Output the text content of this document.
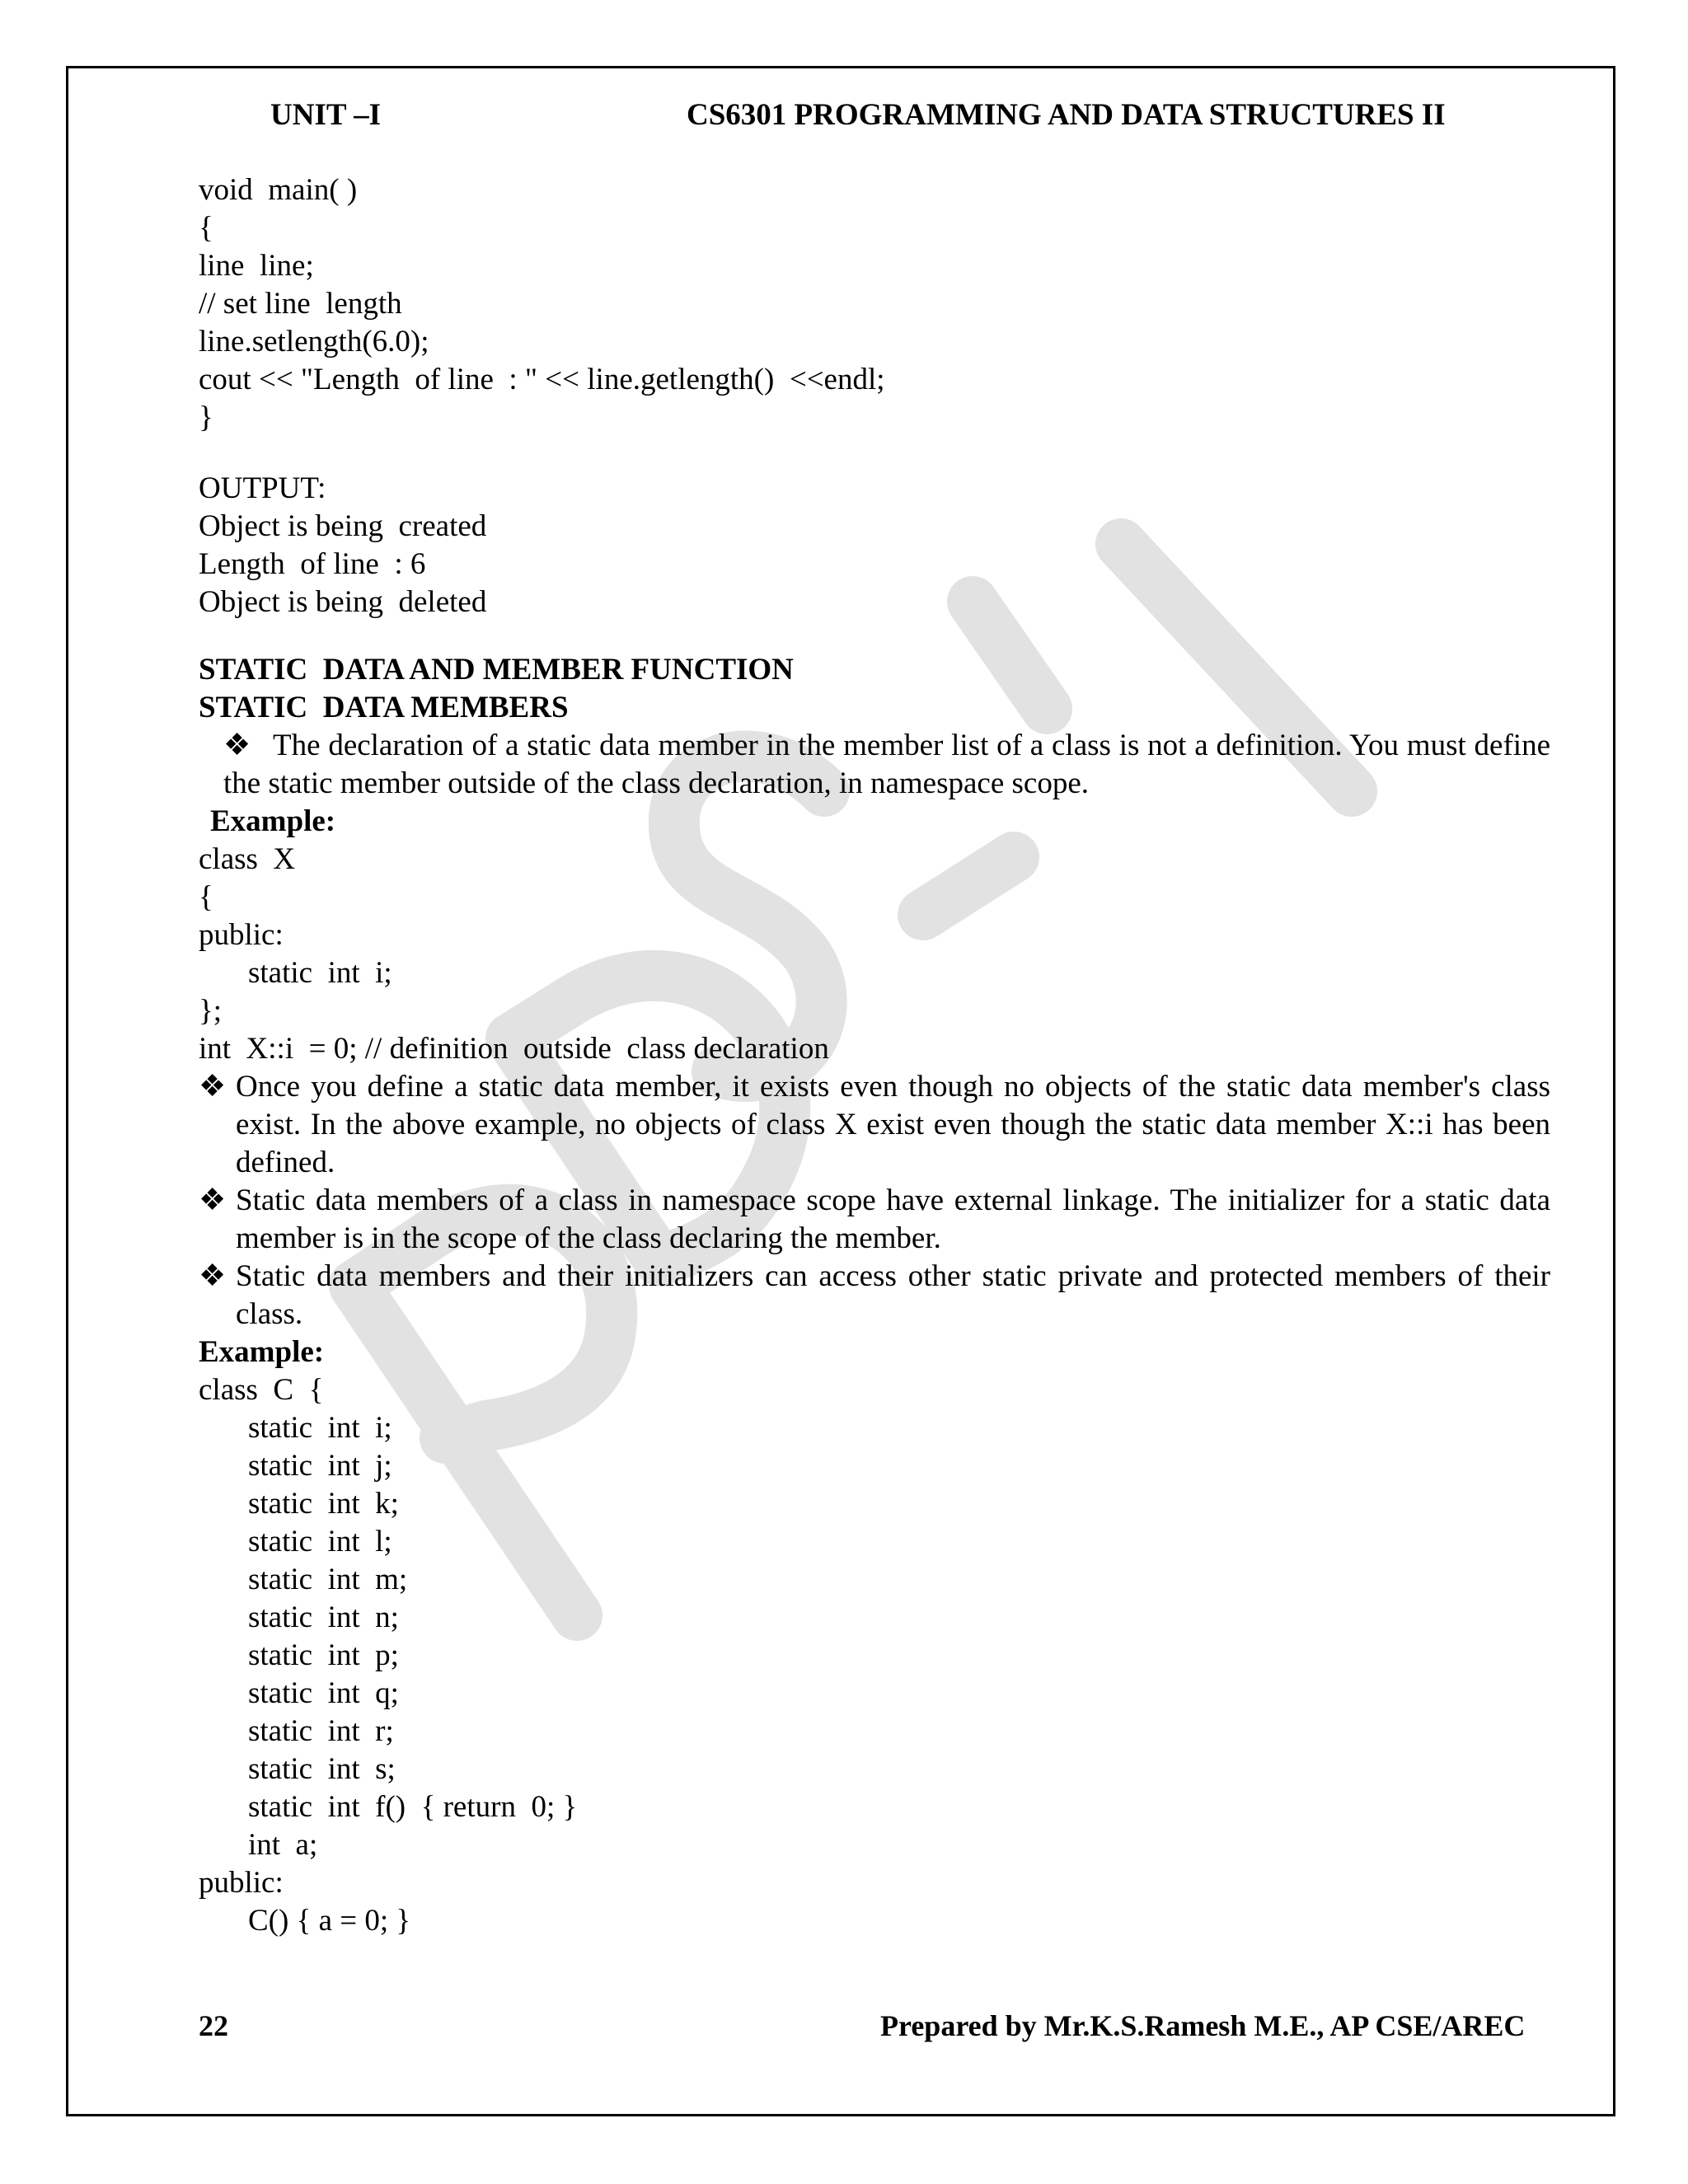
UNIT –I	CS6301 PROGRAMMING AND DATA STRUCTURES II
void  main( )
{
line  line;
// set line  length
line.setlength(6.0);
cout << "Length  of line  : " << line.getlength()  <<endl;
}
OUTPUT:
Object is being  created
Length  of line  : 6
Object is being  deleted
STATIC  DATA AND MEMBER FUNCTION
STATIC  DATA MEMBERS
❖ The declaration of a static data member in the member list of a class is not a definition. You must define the static member outside of the class declaration, in namespace scope.
Example:
class  X
{
public:
static  int  i;
};
int  X::i  = 0; // definition  outside  class declaration
❖ Once you define a static data member, it exists even though no objects of the static data member's class exist. In the above example, no objects of class X exist even though the static data member X::i has been defined.
❖ Static data members of a class in namespace scope have external linkage. The initializer for a static data member is in the scope of the class declaring the member.
❖ Static data members and their initializers can access other static private and protected members of their class.
Example:
class  C  {
static  int  i;
static  int  j;
static  int  k;
static  int  l;
static  int  m;
static  int  n;
static  int  p;
static  int  q;
static  int  r;
static  int  s;
static  int  f()  { return  0; }
int  a;
public:
C() { a = 0; }
22	Prepared by Mr.K.S.Ramesh M.E., AP CSE/AREC
